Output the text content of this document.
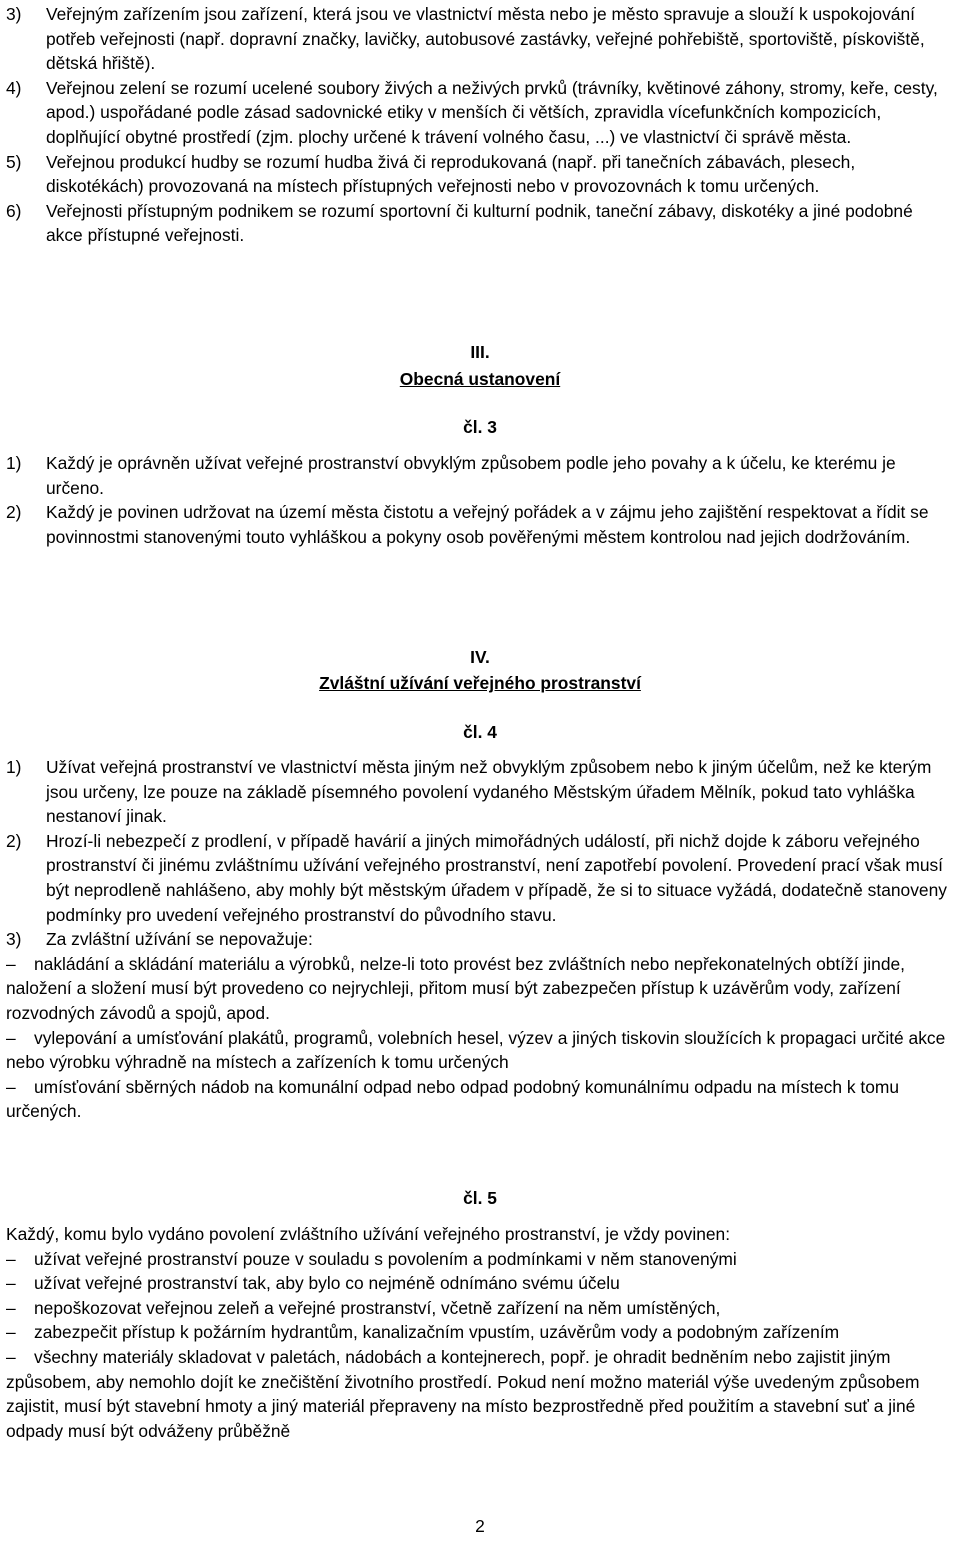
3) Veřejným zařízením jsou zařízení, která jsou ve vlastnictví města nebo je město spravuje a slouží k uspokojování potřeb veřejnosti (např. dopravní značky, lavičky, autobusové zastávky, veřejné pohřebiště, sportoviště, pískoviště, dětská hřiště).

4) Veřejnou zelení se rozumí ucelené soubory živých a neživých prvků (trávníky, květinové záhony, stromy, keře, cesty, apod.) uspořádané podle zásad sadovnické etiky v menších či větších, zpravidla vícefunkčních kompozicích, doplňující obytné prostředí (zjm. plochy určené k trávení volného času, ...) ve vlastnictví či správě města.

5) Veřejnou produkcí hudby se rozumí hudba živá či reprodukovaná (např. při tanečních zábavách, plesech, diskotékách) provozovaná na místech přístupných veřejnosti nebo v provozovnách k tomu určených.

6) Veřejnosti přístupným podnikem se rozumí sportovní či kulturní podnik, taneční zábavy, diskotéky a jiné podobné akce přístupné veřejnosti.

III.

Obecná ustanovení

čl. 3

1) Každý je oprávněn užívat veřejné prostranství obvyklým způsobem podle jeho povahy a k účelu, ke kterému je určeno.

2) Každý je povinen udržovat na území města čistotu a veřejný pořádek a v zájmu jeho zajištění respektovat a řídit se povinnostmi stanovenými touto vyhláškou a pokyny osob pověřenými městem kontrolou nad jejich dodržováním.

IV.

Zvláštní užívání veřejného prostranství

čl. 4

1) Užívat veřejná prostranství ve vlastnictví města jiným než obvyklým způsobem nebo k jiným účelům, než ke kterým jsou určeny, lze pouze na základě písemného povolení vydaného Městským úřadem Mělník, pokud tato vyhláška nestanoví jinak.

2) Hrozí-li nebezpečí z prodlení, v případě havárií a jiných mimořádných událostí, při nichž dojde k záboru veřejného prostranství či jinému zvláštnímu užívání veřejného prostranství, není zapotřebí povolení. Provedení prací však musí být neprodleně nahlášeno, aby mohly být městským úřadem v případě, že si to situace vyžádá, dodatečně stanoveny podmínky pro uvedení veřejného prostranství do původního stavu.

3) Za zvláštní užívání se nepovažuje:

– nakládání a skládání materiálu a výrobků, nelze-li toto provést bez zvláštních nebo nepřekonatelných obtíží jinde, naložení a složení musí být provedeno co nejrychleji, přitom musí být zabezpečen přístup k uzávěrům vody, zařízení rozvodných závodů a spojů, apod.

– vylepování a umísťování plakátů, programů, volebních hesel, výzev a jiných tiskovin sloužících k propagaci určité akce nebo výrobku výhradně na místech a zařízeních k tomu určených

– umísťování sběrných nádob na komunální odpad nebo odpad podobný komunálnímu odpadu na místech k tomu určených.

čl. 5

Každý, komu bylo vydáno povolení zvláštního užívání veřejného prostranství, je vždy povinen:

– užívat veřejné prostranství pouze v souladu s povolením a podmínkami v něm stanovenými

– užívat veřejné prostranství tak, aby bylo co nejméně odnímáno svému účelu

– nepoškozovat veřejnou zeleň a veřejné prostranství, včetně zařízení na něm umístěných,

– zabezpečit přístup k požárním hydrantům, kanalizačním vpustím, uzávěrům vody a podobným zařízením

– všechny materiály skladovat v paletách, nádobách a kontejnerech, popř. je ohradit bedněním nebo zajistit jiným způsobem, aby nemohlo dojít ke znečištění životního prostředí. Pokud není možno materiál výše uvedeným způsobem zajistit, musí být stavební hmoty a jiný materiál přepraveny na místo bezprostředně před použitím a stavební suť a jiné odpady musí být odváženy průběžně

2
